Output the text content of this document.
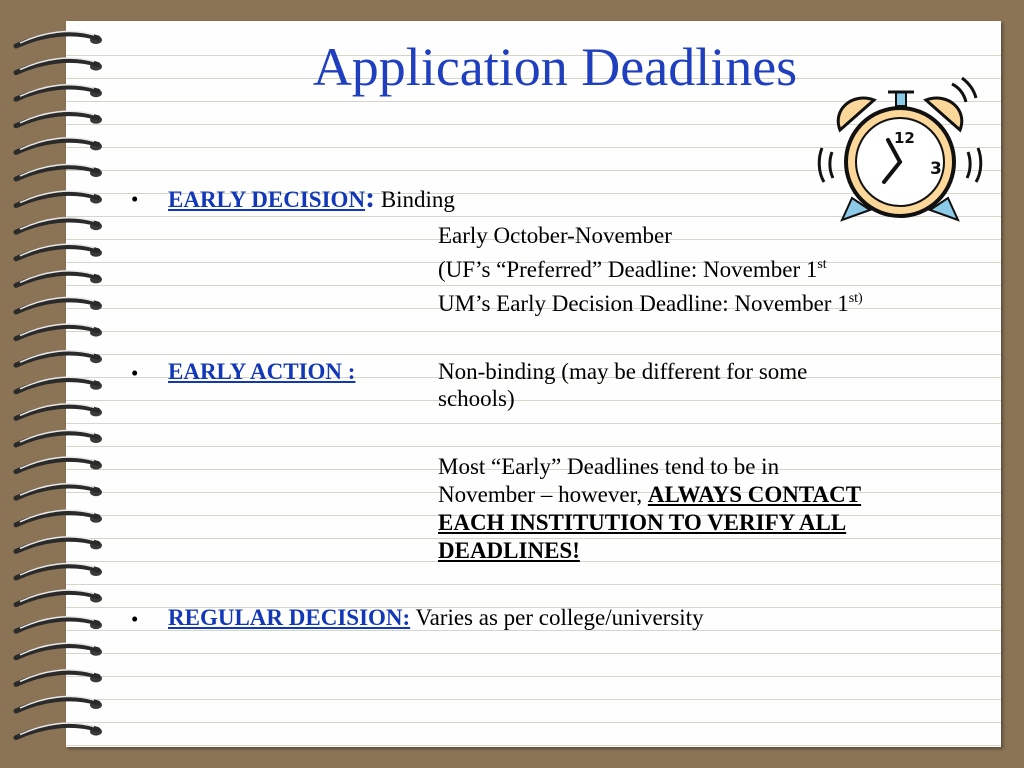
Application Deadlines
12
3
• EARLY DECISION: Binding
Early October-November
(UF’s “Preferred” Deadline: November 1st
UM’s Early Decision Deadline: November $1^{st)}$
• EARLY ACTION :	Non-binding (may be different for some
schools)
Most “Early” Deadlines tend to be in
November – however, ALWAYS CONTACT
EACH INSTITUTION TO VERIFY ALL
DEADLINES!
• REGULAR DECISION: Varies as per college/university
